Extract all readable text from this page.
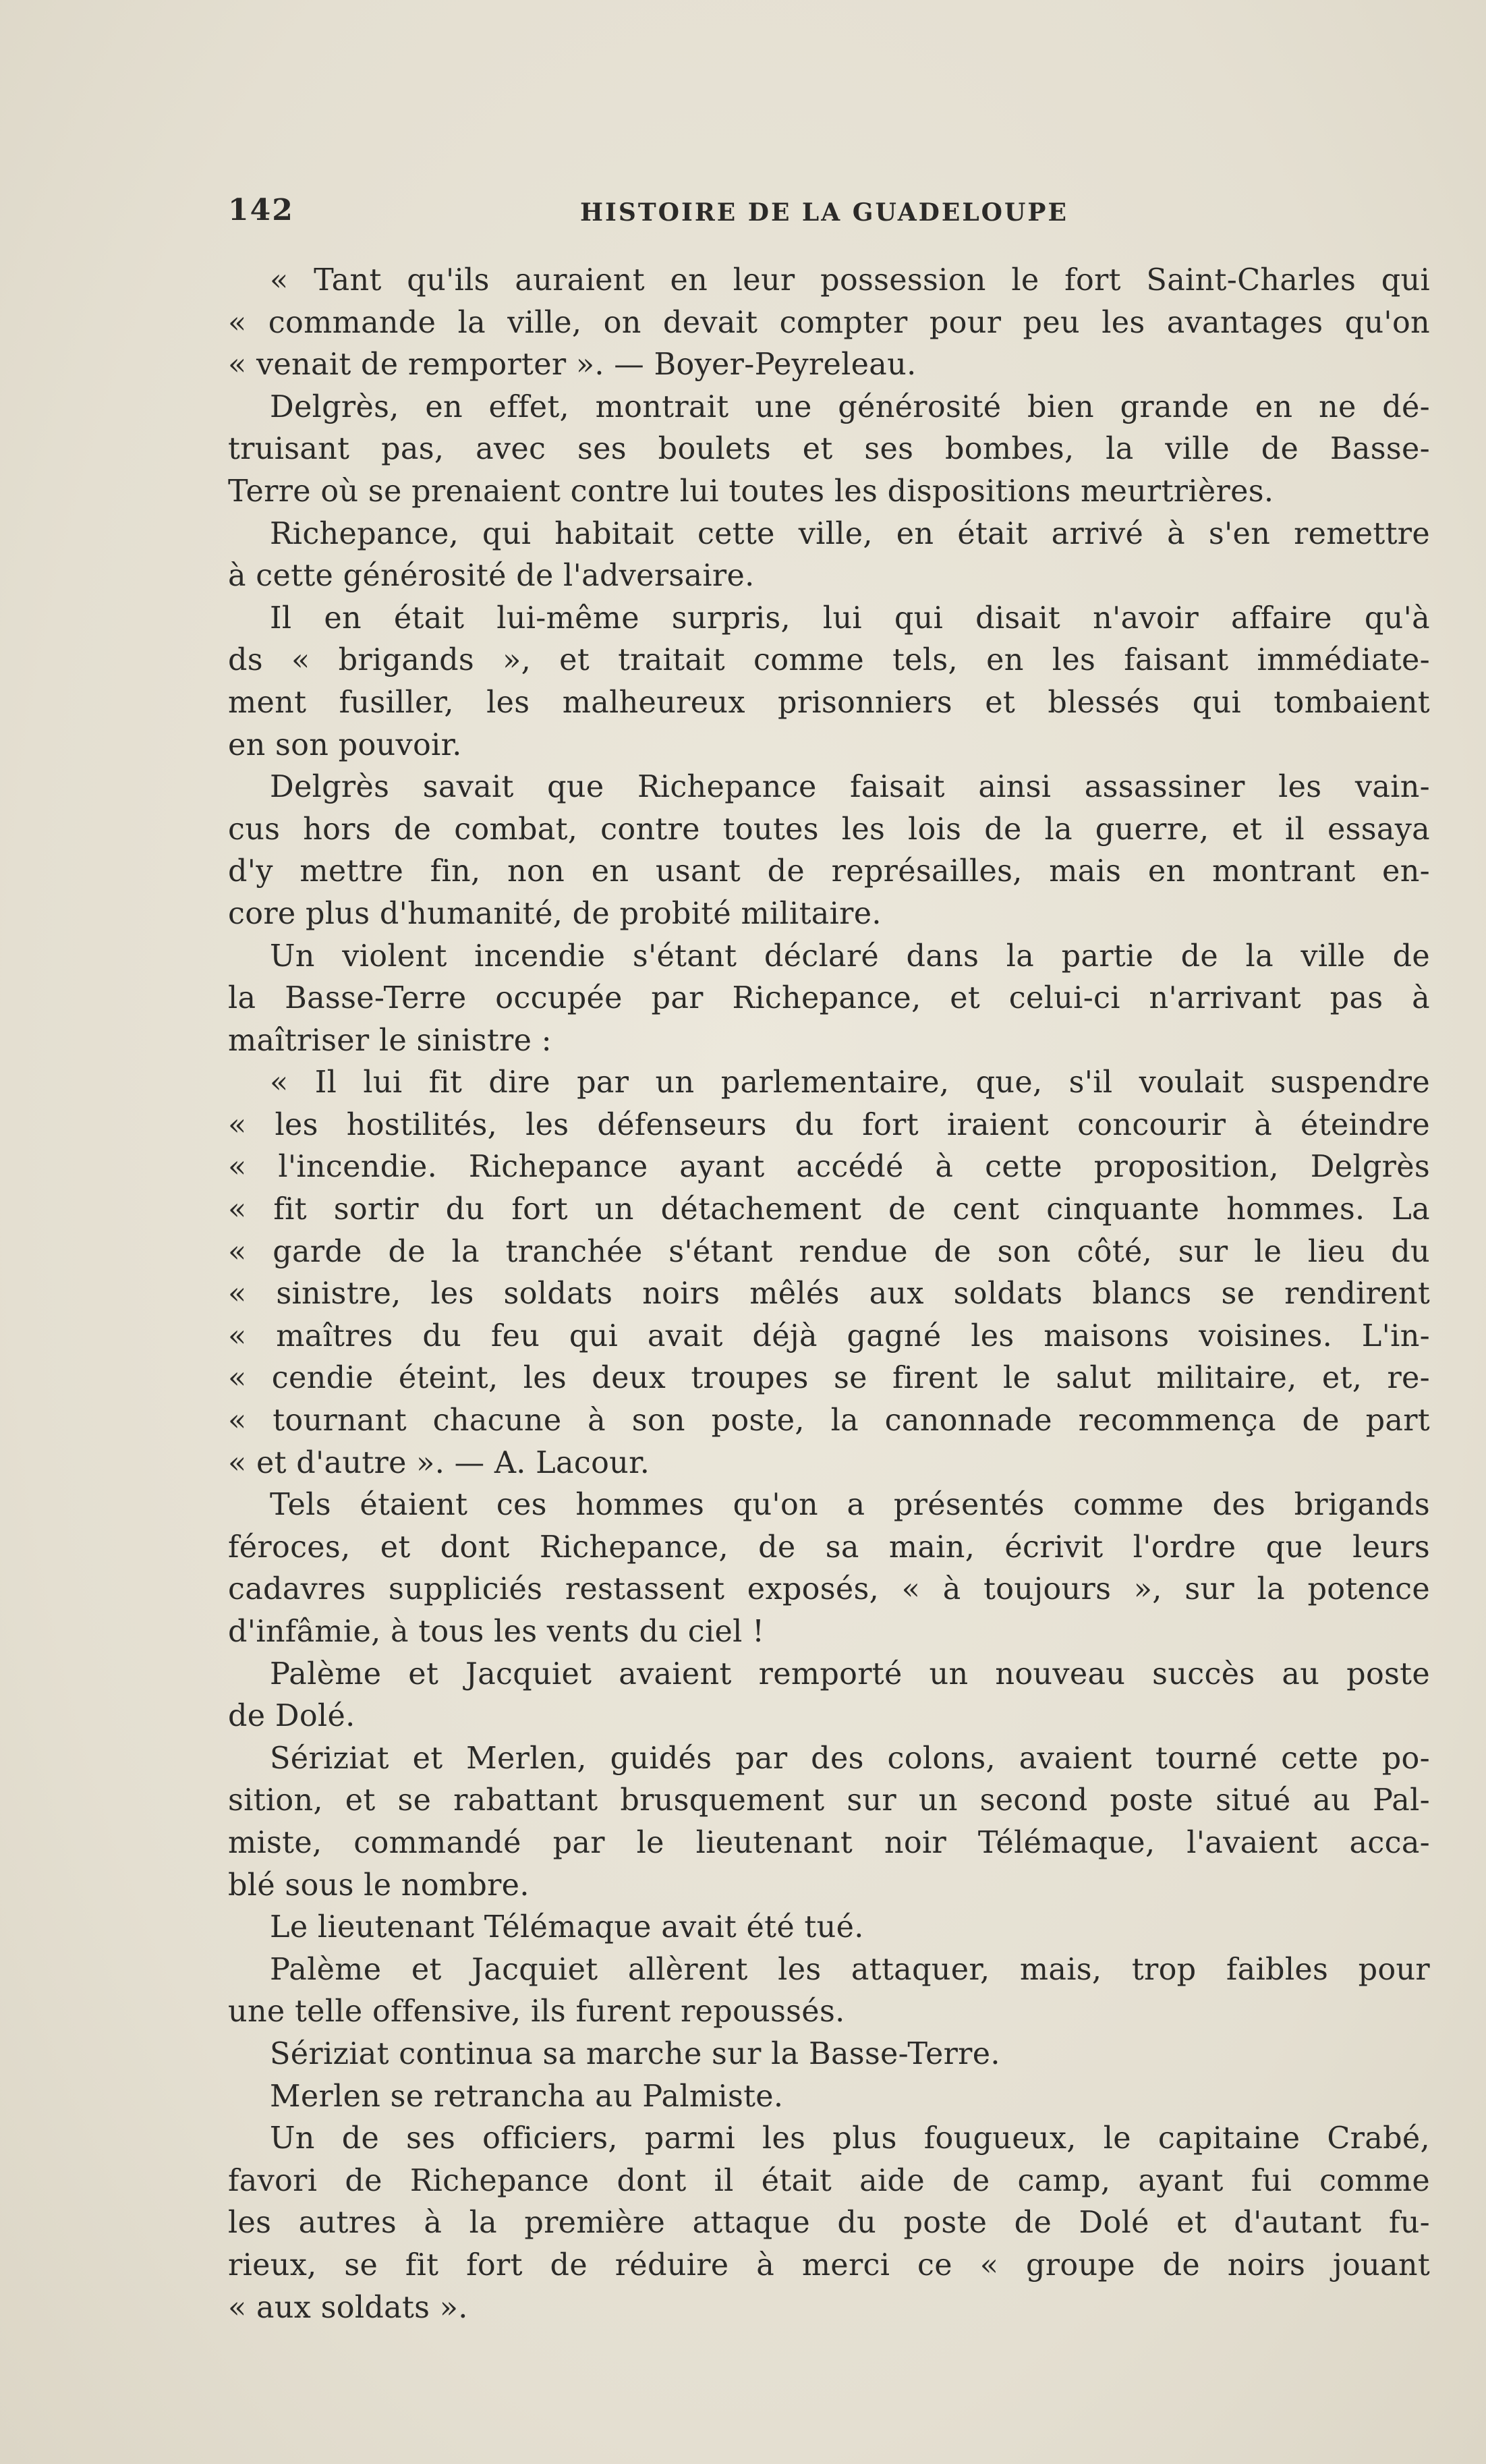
142	HISTOIRE DE LA GUADELOUPE
« Tant qu'ils auraient en leur possession le fort Saint-Charles qui
« commande la ville, on devait compter pour peu les avantages qu'on
« venait de remporter ». — Boyer-Peyreleau.
Delgrès, en effet, montrait une générosité bien grande en ne dé-
truisant pas, avec ses boulets et ses bombes, la ville de Basse-
Terre où se prenaient contre lui toutes les dispositions meurtrières.
Richepance, qui habitait cette ville, en était arrivé à s'en remettre
à cette générosité de l'adversaire.
Il en était lui-même surpris, lui qui disait n'avoir affaire qu'à
ds « brigands », et traitait comme tels, en les faisant immédiate-
ment fusiller, les malheureux prisonniers et blessés qui tombaient
en son pouvoir.
Delgrès savait que Richepance faisait ainsi assassiner les vain-
cus hors de combat, contre toutes les lois de la guerre, et il essaya
d'y mettre fin, non en usant de représailles, mais en montrant en-
core plus d'humanité, de probité militaire.
Un violent incendie s'étant déclaré dans la partie de la ville de
la Basse-Terre occupée par Richepance, et celui-ci n'arrivant pas à
maîtriser le sinistre :
« Il lui fit dire par un parlementaire, que, s'il voulait suspendre
« les hostilités, les défenseurs du fort iraient concourir à éteindre
« l'incendie. Richepance ayant accédé à cette proposition, Delgrès
« fit sortir du fort un détachement de cent cinquante hommes. La
« garde de la tranchée s'étant rendue de son côté, sur le lieu du
« sinistre, les soldats noirs mêlés aux soldats blancs se rendirent
« maîtres du feu qui avait déjà gagné les maisons voisines. L'in-
« cendie éteint, les deux troupes se firent le salut militaire, et, re-
« tournant chacune à son poste, la canonnade recommença de part
« et d'autre ». — A. Lacour.
Tels étaient ces hommes qu'on a présentés comme des brigands
féroces, et dont Richepance, de sa main, écrivit l'ordre que leurs
cadavres suppliciés restassent exposés, « à toujours », sur la potence
d'infâmie, à tous les vents du ciel !
Palème et Jacquiet avaient remporté un nouveau succès au poste
de Dolé.
Sériziat et Merlen, guidés par des colons, avaient tourné cette po-
sition, et se rabattant brusquement sur un second poste situé au Pal-
miste, commandé par le lieutenant noir Télémaque, l'avaient acca-
blé sous le nombre.
Le lieutenant Télémaque avait été tué.
Palème et Jacquiet allèrent les attaquer, mais, trop faibles pour
une telle offensive, ils furent repoussés.
Sériziat continua sa marche sur la Basse-Terre.
Merlen se retrancha au Palmiste.
Un de ses officiers, parmi les plus fougueux, le capitaine Crabé,
favori de Richepance dont il était aide de camp, ayant fui comme
les autres à la première attaque du poste de Dolé et d'autant fu-
rieux, se fit fort de réduire à merci ce « groupe de noirs jouant
« aux soldats ».
